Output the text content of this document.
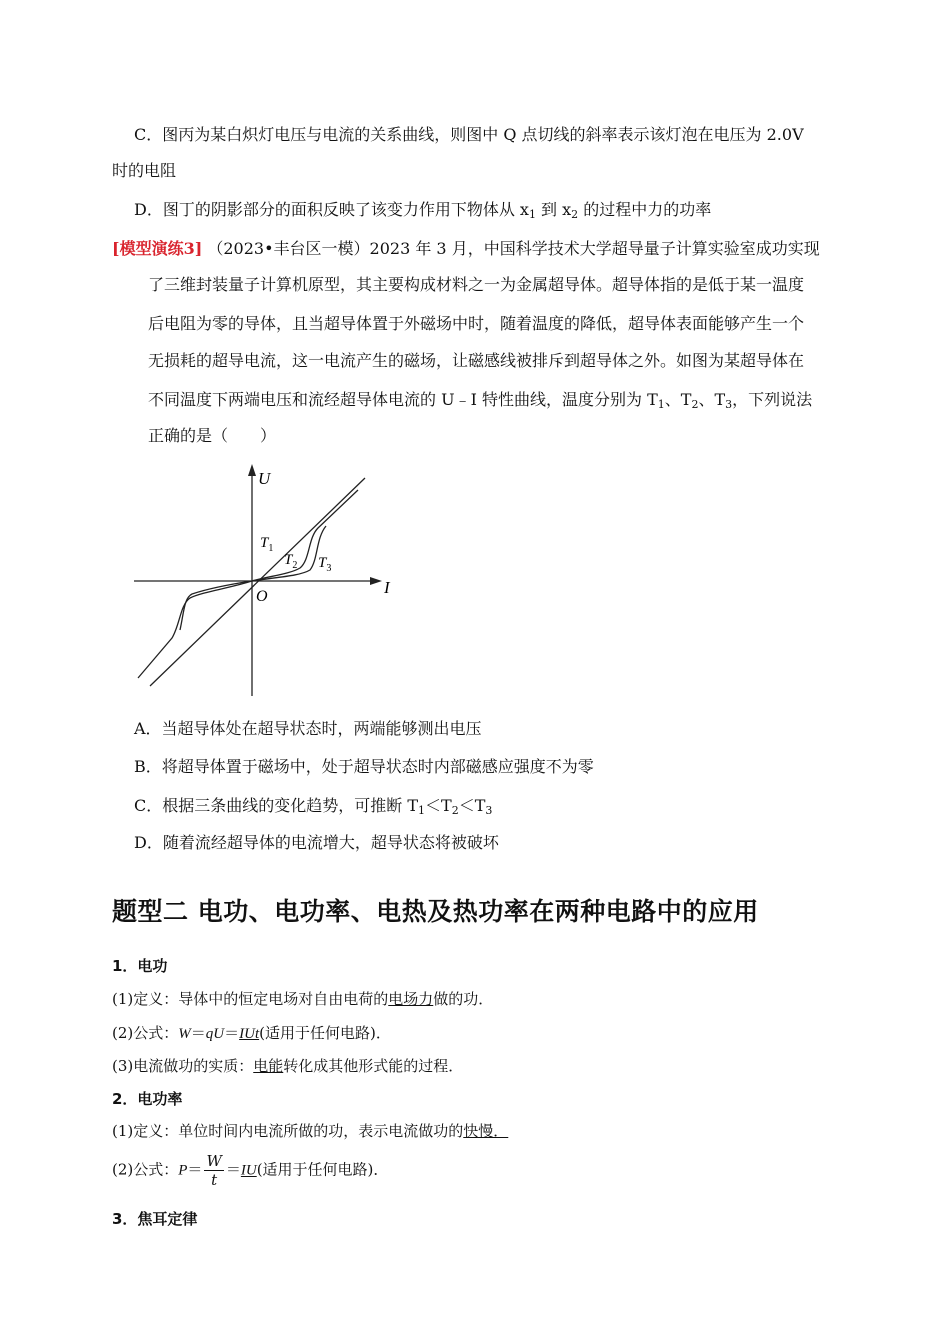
C．图丙为某白炽灯电压与电流的关系曲线，则图中 Q 点切线的斜率表示该灯泡在电压为 2.0V
时的电阻
D．图丁的阴影部分的面积反映了该变力作用下物体从 $x_1$ 到 $x_2$ 的过程中力的功率
[模型演练3] （2023•丰台区一模）2023 年 3 月，中国科学技术大学超导量子计算实验室成功实现
了三维封装量子计算机原型，其主要构成材料之一为金属超导体。超导体指的是低于某一温度
后电阻为零的导体，且当超导体置于外磁场中时，随着温度的降低，超导体表面能够产生一个
无损耗的超导电流，这一电流产生的磁场，让磁感线被排斥到超导体之外。如图为某超导体在
不同温度下两端电压和流经超导体电流的 U﹣I 特性曲线，温度分别为 $T_1$、$T_2$、$T_3$，下列说法
正确的是（　　）
U
I
O
$T_1$
$T_2$ $T_3$
A．当超导体处在超导状态时，两端能够测出电压
B．将超导体置于磁场中，处于超导状态时内部磁感应强度不为零
C．根据三条曲线的变化趋势，可推断 $T_1<T_2<T_3$
D．随着流经超导体的电流增大，超导状态将被破坏
题型二 电功、电功率、电热及热功率在两种电路中的应用
1．电功
(1)定义：导体中的恒定电场对自由电荷的电场力做的功．
(2)公式：W＝qU＝IUt(适用于任何电路)．
(3)电流做功的实质：电能转化成其他形式能的过程．
2．电功率
(1)定义：单位时间内电流所做的功，表示电流做功的快慢．
(2)公式：$P= \frac{W}{t} =IU$(适用于任何电路)．
3．焦耳定律
